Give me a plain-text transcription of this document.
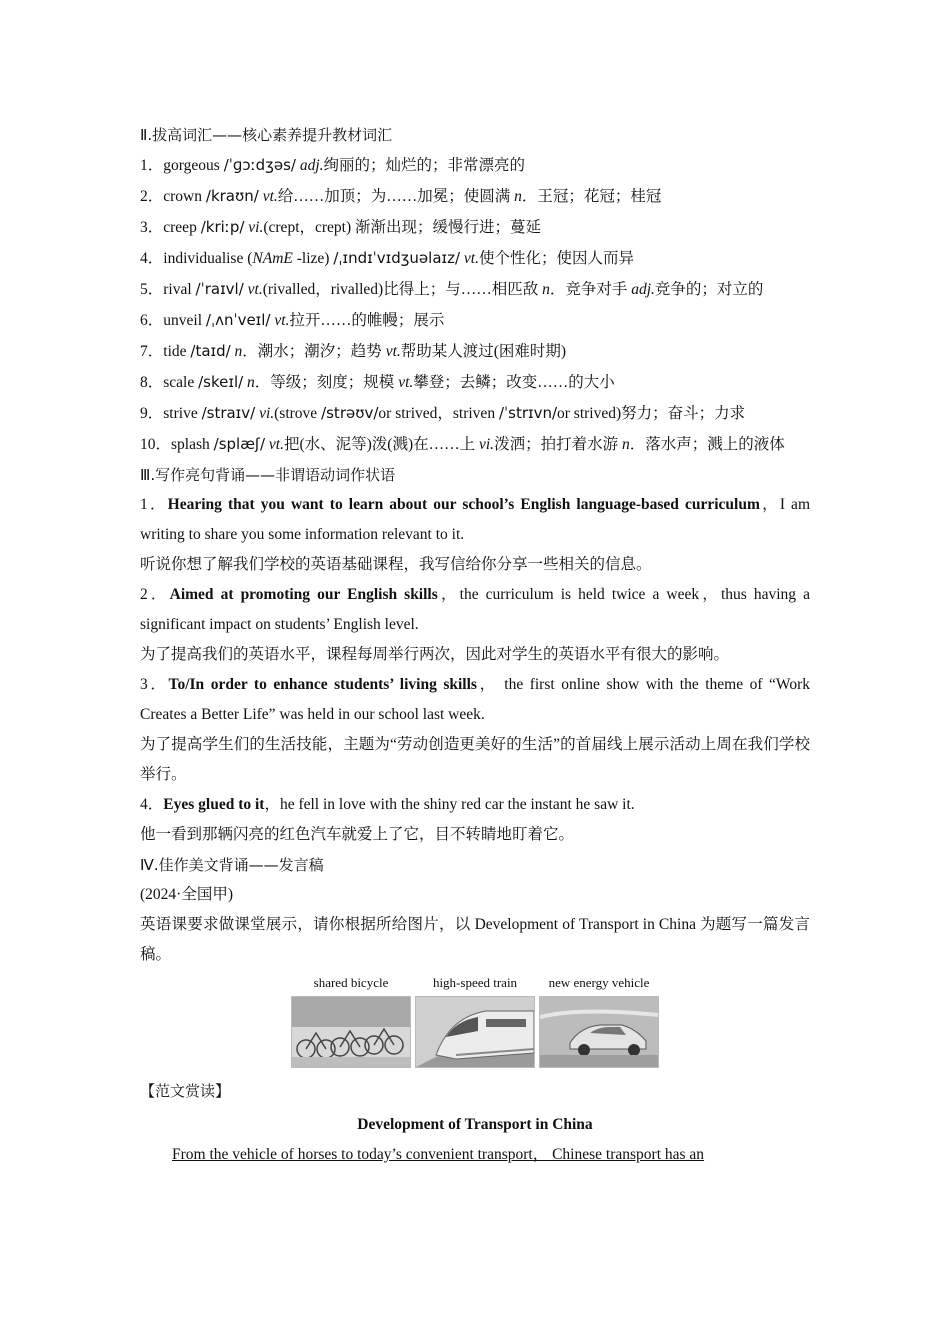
Ⅱ.拔高词汇——核心素养提升教材词汇

1．gorgeous /ˈɡɔːdʒəs/ adj.绚丽的；灿烂的；非常漂亮的

2．crown /kraʊn/ vt.给……加顶；为……加冕；使圆满 n．王冠；花冠；桂冠

3．creep /kriːp/ vi.(crept，crept) 渐渐出现；缓慢行进；蔓延

4．individualise (NAmE -lize) /ˌɪndɪˈvɪdʒuəlaɪz/ vt.使个性化；使因人而异

5．rival /ˈraɪvl/ vt.(rivalled，rivalled)比得上；与……相匹敌 n．竞争对手 adj.竞争的；对立的

6．unveil /ˌʌnˈveɪl/ vt.拉开……的帷幔；展示

7．tide /taɪd/ n．潮水；潮汐；趋势 vt.帮助某人渡过(困难时期)

8．scale /skeɪl/ n．等级；刻度；规模 vt.攀登；去鳞；改变……的大小

9．strive /straɪv/ vi.(strove /strəʊv/or strived，striven /ˈstrɪvn/or strived)努力；奋斗；力求

10．splash /splæʃ/ vt.把(水、泥等)泼(溅)在……上 vi.泼洒；拍打着水游 n．落水声；溅上的液体

Ⅲ.写作亮句背诵——非谓语动词作状语

1．Hearing that you want to learn about our school’s English language-based curriculum，I am writing to share you some information relevant to it.

听说你想了解我们学校的英语基础课程，我写信给你分享一些相关的信息。

2．Aimed at promoting our English skills，the curriculum is held twice a week，thus having a significant impact on students’ English level.

为了提高我们的英语水平，课程每周举行两次，因此对学生的英语水平有很大的影响。

3．To/In order to enhance students’ living skills， the first online show with the theme of “Work Creates a Better Life” was held in our school last week.

为了提高学生们的生活技能，主题为“劳动创造更美好的生活”的首届线上展示活动上周在我们学校举行。

4．Eyes glued to it，he fell in love with the shiny red car the instant he saw it.

他一看到那辆闪亮的红色汽车就爱上了它，目不转睛地盯着它。

Ⅳ.佳作美文背诵——发言稿

(2024·全国甲)

英语课要求做课堂展示，请你根据所给图片，以 Development of Transport in China 为题写一篇发言稿。

shared bicycle	high-speed train new energy vehicle

【范文赏读】

Development of Transport in China

From the vehicle of horses to today’s convenient transport， Chinese transport has an
